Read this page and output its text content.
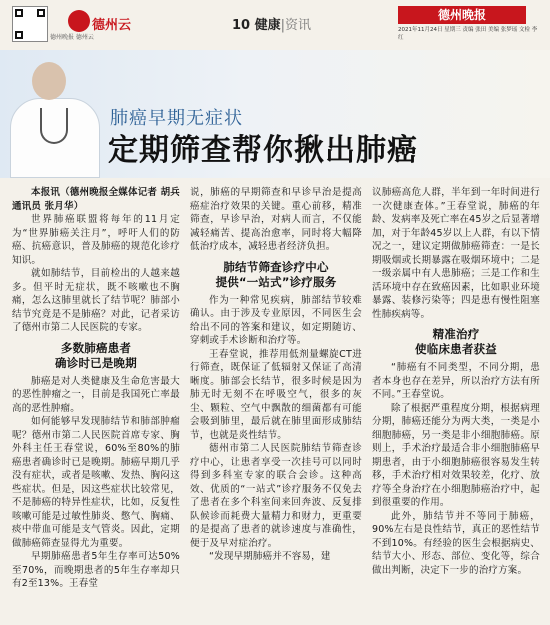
德州晚报 德州云
德州云	10 健康|资讯
德州晚报
2021年11月24日 星期三 责编 张田 美编 张梦瑶 文检 李红
肺癌早期无症状
定期筛查帮你揪出肺癌

本报讯（德州晚报全媒体记者 胡兵 通讯员 张月华）

世界肺癌联盟将每年的11月定为“世界肺癌关注月”，呼吁人们的防癌、抗癌意识，普及肺癌的规范化诊疗知识。

就如肺结节，目前检出的人越来越多。但平时无症状，既不咳嗽也不胸痛，怎么这肺里就长了结节呢？肺部小结节究竟是不是肺癌？对此，记者采访了德州市第二人民医院的专家。

多数肺癌患者
确诊时已是晚期

肺癌是对人类健康及生命危害最大的恶性肿瘤之一，目前是我国死亡率最高的恶性肿瘤。

如何能够早发现肺结节和肺部肿瘤呢？德州市第二人民医院首席专家、胸外科主任王春堂说，60%至80%的肺癌患者确诊时已是晚期。肺癌早期几乎没有症状，或者是咳嗽、发热、胸闷这些症状。但是，因这些症状比较常见，不是肺癌的特异性症状，比如，反复性咳嗽可能是过敏性肺炎、憋气、胸痛、痰中带血可能是支气管炎。因此，定期做肺癌筛查显得尤为重要。

早期肺癌患者5年生存率可达50%至70%，而晚期患者的5年生存率却只有2至13%。王春堂

说，肺癌的早期筛查和早诊早治是提高癌症治疗效果的关键。重心前移，精准筛查，早诊早治，对病人而言，不仅能减轻痛苦、提高治愈率，同时将大幅降低治疗成本，减轻患者经济负担。

肺结节筛查诊疗中心
提供“一站式”诊疗服务

作为一种常见疾病，肺部结节较难确认。由于涉及专业原因，不同医生会给出不同的答案和建议，如定期随访、穿刺或手术诊断和治疗等。

王春堂说，推荐用低剂量螺旋CT进行筛查，既保证了低辐射又保证了高清晰度。肺部会长结节，很多时候是因为肺无时无刻不在呼吸空气，很多的灰尘、颗粒、空气中飘散的细菌都有可能会吸到肺里，最后就在肺里面形成肺结节，也就是炎性结节。

德州市第二人民医院肺结节筛查诊疗中心，让患者享受一次挂号可以同时得到多科室专家的联合会诊。这种高效、优质的“一站式”诊疗服务不仅免去了患者在多个科室间来回奔波、反复排队候诊而耗费大量精力和财力，更重要的是提高了患者的就诊速度与准确性，便于及早对症治疗。

“发现早期肺癌并不容易，建

议肺癌高危人群，半年到一年时间进行一次健康查体。”王春堂说，肺癌的年龄、发病率及死亡率在45岁之后显著增加，对于年龄45岁以上人群，有以下情况之一，建议定期做肺癌筛查：一是长期吸烟或长期暴露在吸烟环境中；二是一级亲属中有人患肺癌；三是工作和生活环境中存在致癌因素，比如职业环境暴露、装修污染等；四是患有慢性阻塞性肺疾病等。

精准治疗
使临床患者获益

“肺癌有不同类型，不同分期，患者本身也存在差异，所以治疗方法有所不同。”王春堂说。

除了根据严重程度分期，根据病理分期，肺癌还能分为两大类，一类是小细胞肺癌，另一类是非小细胞肺癌。原则上，手术治疗最适合非小细胞肺癌早期患者，由于小细胞肺癌很容易发生转移，手术治疗相对效果较差，化疗、放疗等全身治疗在小细胞肺癌治疗中，起到很重要的作用。

此外，肺结节并不等同于肺癌，90%左右是良性结节，真正的恶性结节不到10%。有经验的医生会根据病史、结节大小、形态、部位、变化等，综合做出判断，决定下一步的治疗方案。
